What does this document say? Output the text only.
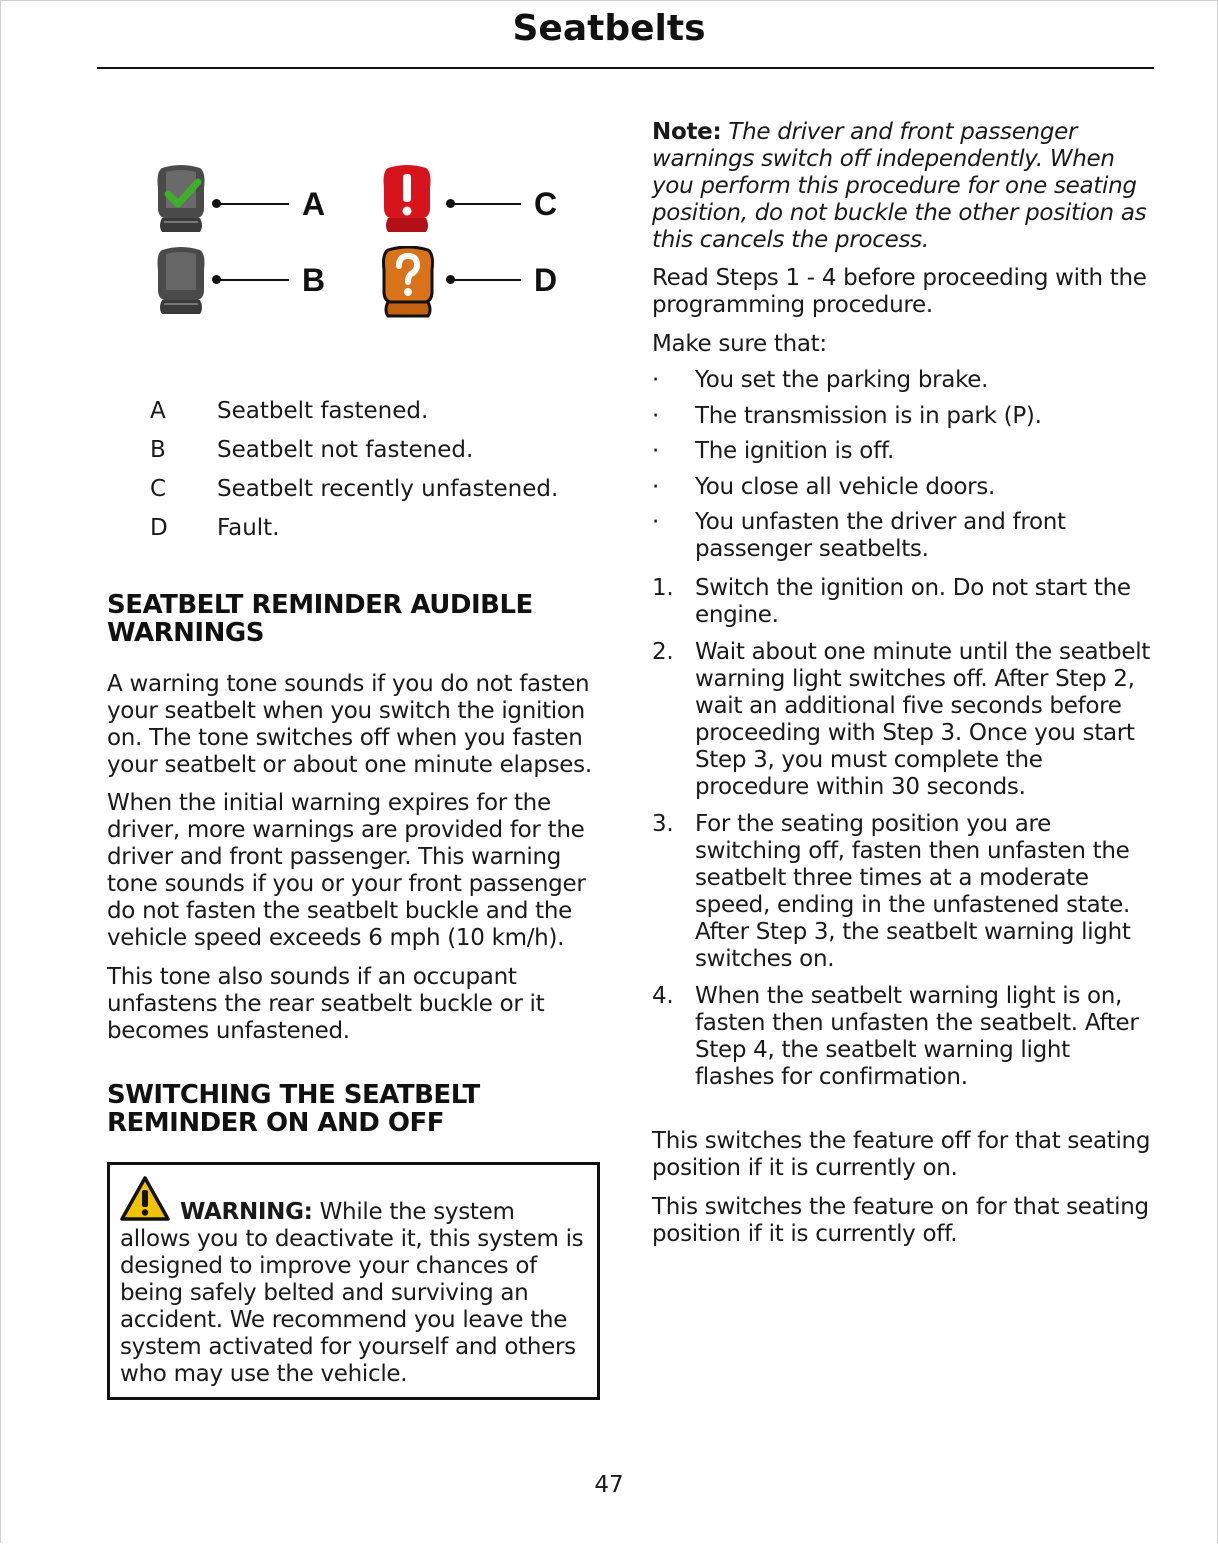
Seatbelts
A
B
C
D
A Seatbelt fastened.
B Seatbelt not fastened.
C Seatbelt recently unfastened.
D Fault.
SEATBELT REMINDER AUDIBLE WARNINGS
A warning tone sounds if you do not fasten your seatbelt when you switch the ignition on. The tone switches off when you fasten your seatbelt or about one minute elapses.
When the initial warning expires for the driver, more warnings are provided for the driver and front passenger. This warning tone sounds if you or your front passenger do not fasten the seatbelt buckle and the vehicle speed exceeds 6 mph (10 km/h).
This tone also sounds if an occupant unfastens the rear seatbelt buckle or it becomes unfastened.
SWITCHING THE SEATBELT REMINDER ON AND OFF
WARNING: While the system
allows you to deactivate it, this system is designed to improve your chances of being safely belted and surviving an accident. We recommend you leave the system activated for yourself and others who may use the vehicle.
Note: The driver and front passenger warnings switch off independently. When you perform this procedure for one seating position, do not buckle the other position as this cancels the process.
Read Steps 1 - 4 before proceeding with the programming procedure.
Make sure that:
·	You set the parking brake.
·	The transmission is in park (P).
·	The ignition is off.
·	You close all vehicle doors.
·	You unfasten the driver and front passenger seatbelts.
1. Switch the ignition on. Do not start the engine.
2. Wait about one minute until the seatbelt warning light switches off. After Step 2, wait an additional five seconds before proceeding with Step 3. Once you start Step 3, you must complete the procedure within 30 seconds.
3. For the seating position you are switching off, fasten then unfasten the seatbelt three times at a moderate speed, ending in the unfastened state. After Step 3, the seatbelt warning light switches on.
4. When the seatbelt warning light is on, fasten then unfasten the seatbelt. After Step 4, the seatbelt warning light flashes for confirmation.
This switches the feature off for that seating position if it is currently on.
This switches the feature on for that seating position if it is currently off.
47
